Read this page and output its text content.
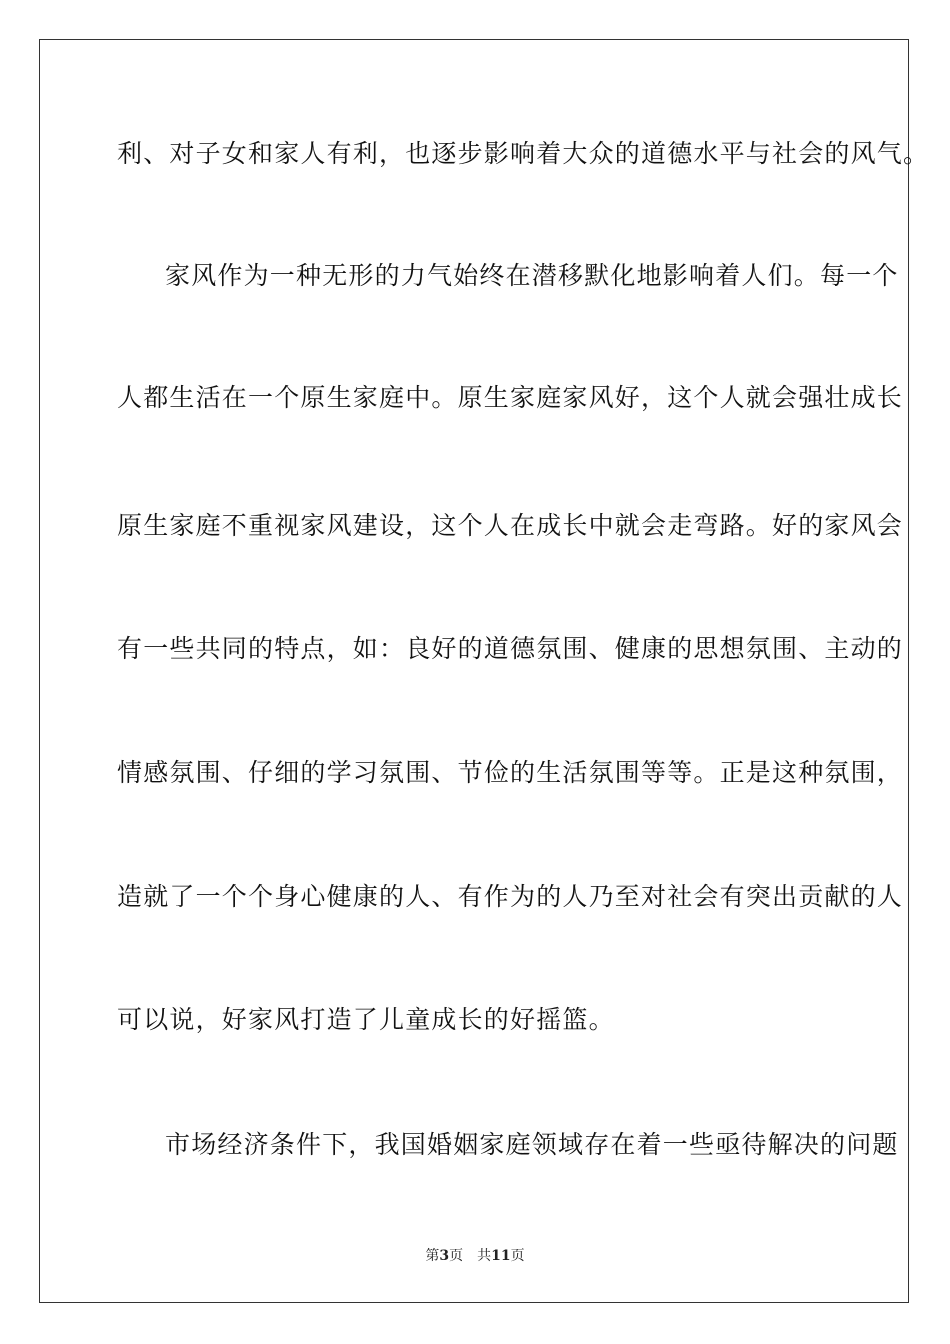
利、对子女和家人有利，也逐步影响着大众的道德水平与社会的风气。
家风作为一种无形的力气始终在潜移默化地影响着人们。每一个
人都生活在一个原生家庭中。原生家庭家风好，这个人就会强壮成长
原生家庭不重视家风建设，这个人在成长中就会走弯路。好的家风会
有一些共同的特点，如：良好的道德氛围、健康的思想氛围、主动的
情感氛围、仔细的学习氛围、节俭的生活氛围等等。正是这种氛围，
造就了一个个身心健康的人、有作为的人乃至对社会有突出贡献的人
可以说，好家风打造了儿童成长的好摇篮。
市场经济条件下，我国婚姻家庭领域存在着一些亟待解决的问题
第3页 共11页
